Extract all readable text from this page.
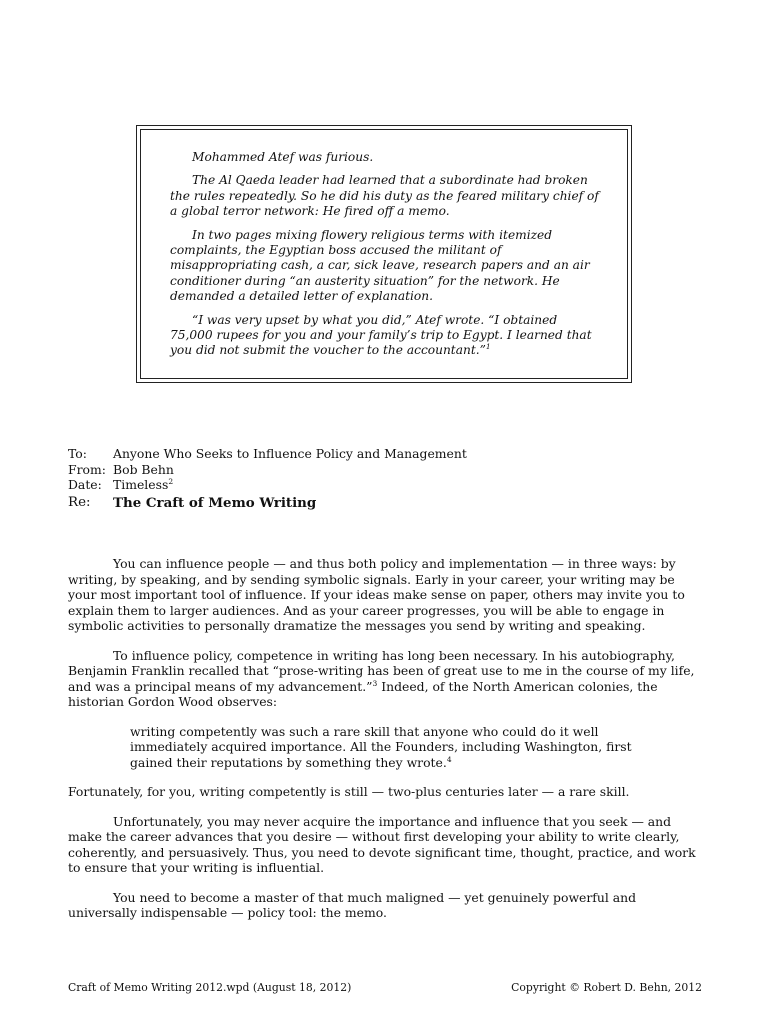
Mohammed Atef was furious.

The Al Qaeda leader had learned that a subordinate had broken the rules repeatedly. So he did his duty as the feared military chief of a global terror network: He fired off a memo.

In two pages mixing flowery religious terms with itemized complaints, the Egyptian boss accused the militant of misappropriating cash, a car, sick leave, research papers and an air conditioner during “an austerity situation” for the network. He demanded a detailed letter of explanation.

“I was very upset by what you did,” Atef wrote. “I obtained 75,000 rupees for you and your family’s trip to Egypt. I learned that you did not submit the voucher to the accountant.”$^1$

To:	Anyone Who Seeks to Influence Policy and Management
From: Bob Behn
Date: Timeless$^2$
Re:	The Craft of Memo Writing

You can influence people — and thus both policy and implementation — in three ways: by writing, by speaking, and by sending symbolic signals. Early in your career, your writing may be your most important tool of influence. If your ideas make sense on paper, others may invite you to explain them to larger audiences. And as your career progresses, you will be able to engage in symbolic activities to personally dramatize the messages you send by writing and speaking.

To influence policy, competence in writing has long been necessary. In his autobiography, Benjamin Franklin recalled that “prose-writing has been of great use to me in the course of my life, and was a principal means of my advancement.”$^3$ Indeed, of the North American colonies, the historian Gordon Wood observes:

writing competently was such a rare skill that anyone who could do it well immediately acquired importance. All the Founders, including Washington, first gained their reputations by something they wrote.$^4$

Fortunately, for you, writing competently is still — two-plus centuries later — a rare skill.

Unfortunately, you may never acquire the importance and influence that you seek — and make the career advances that you desire — without first developing your ability to write clearly, coherently, and persuasively. Thus, you need to devote significant time, thought, practice, and work to ensure that your writing is influential.

You need to become a master of that much maligned — yet genuinely powerful and universally indispensable — policy tool: the memo.

Craft of Memo Writing 2012.wpd (August 18, 2012)	Copyright © Robert D. Behn, 2012
